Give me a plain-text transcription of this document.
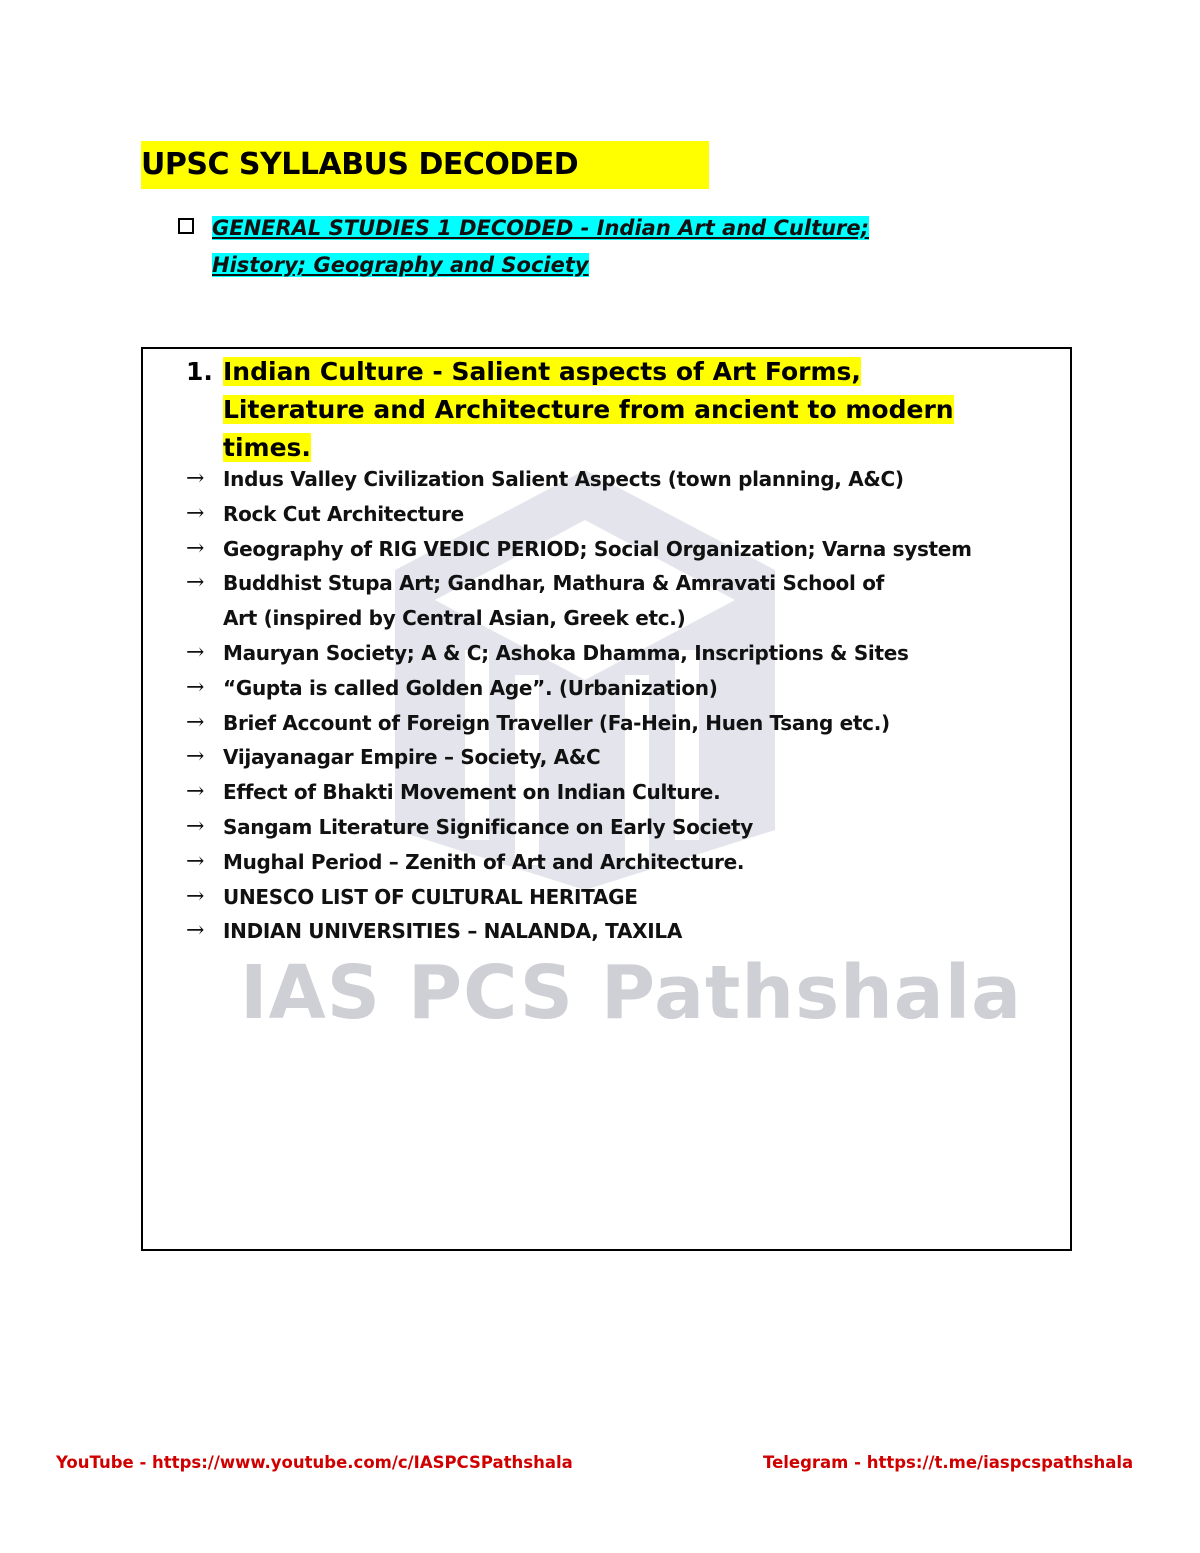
UPSC SYLLABUS DECODED
GENERAL STUDIES 1 DECODED - Indian Art and Culture; History; Geography and Society
IAS PCS Pathshala
1. Indian Culture - Salient aspects of Art Forms, Literature and Architecture from ancient to modern times.
→ Indus Valley Civilization Salient Aspects (town planning, A&C)
→ Rock Cut Architecture
→ Geography of RIG VEDIC PERIOD; Social Organization; Varna system
→ Buddhist Stupa Art; Gandhar, Mathura & Amravati School of Art (inspired by Central Asian, Greek etc.)
→ Mauryan Society; A & C; Ashoka Dhamma, Inscriptions & Sites
→ “Gupta is called Golden Age”. (Urbanization)
→ Brief Account of Foreign Traveller (Fa-Hein, Huen Tsang etc.)
→ Vijayanagar Empire – Society, A&C
→ Effect of Bhakti Movement on Indian Culture.
→ Sangam Literature Significance on Early Society
→ Mughal Period – Zenith of Art and Architecture.
→ UNESCO LIST OF CULTURAL HERITAGE
→ INDIAN UNIVERSITIES – NALANDA, TAXILA
YouTube - https://www.youtube.com/c/IASPCSPathshala	Telegram - https://t.me/iaspcspathshala
